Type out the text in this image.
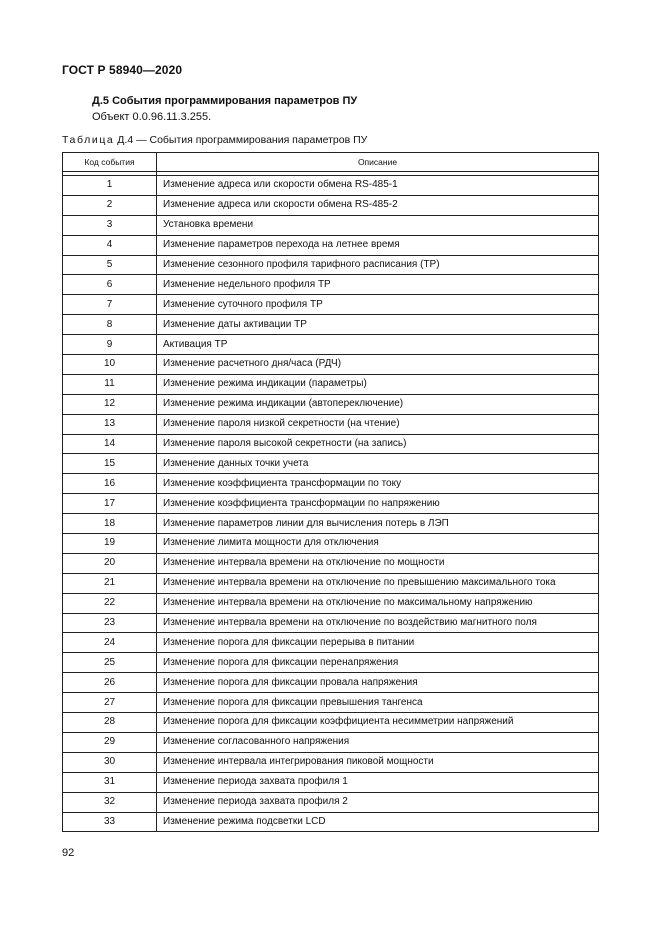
ГОСТ Р 58940—2020
Д.5 События программирования параметров ПУ
Объект 0.0.96.11.3.255.
Таблица Д.4 — События программирования параметров ПУ
Код события	Описание

1	Изменение адреса или скорости обмена RS-485-1
2	Изменение адреса или скорости обмена RS-485-2
3	Установка времени
4	Изменение параметров перехода на летнее время
5	Изменение сезонного профиля тарифного расписания (ТР)
6	Изменение недельного профиля ТР
7	Изменение суточного профиля ТР
8	Изменение даты активации ТР
9	Активация ТР
10	Изменение расчетного дня/часа (РДЧ)
11	Изменение режима индикации (параметры)
12	Изменение режима индикации (автопереключение)
13	Изменение пароля низкой секретности (на чтение)
14	Изменение пароля высокой секретности (на запись)
15	Изменение данных точки учета
16	Изменение коэффициента трансформации по току
17	Изменение коэффициента трансформации по напряжению
18	Изменение параметров линии для вычисления потерь в ЛЭП
19	Изменение лимита мощности для отключения
20	Изменение интервала времени на отключение по мощности
21	Изменение интервала времени на отключение по превышению максимального тока
22	Изменение интервала времени на отключение по максимальному напряжению
23	Изменение интервала времени на отключение по воздействию магнитного поля
24	Изменение порога для фиксации перерыва в питании
25	Изменение порога для фиксации перенапряжения
26	Изменение порога для фиксации провала напряжения
27	Изменение порога для фиксации превышения тангенса
28	Изменение порога для фиксации коэффициента несимметрии напряжений
29	Изменение согласованного напряжения
30	Изменение интервала интегрирования пиковой мощности
31	Изменение периода захвата профиля 1
32	Изменение периода захвата профиля 2
33	Изменение режима подсветки LCD
92
